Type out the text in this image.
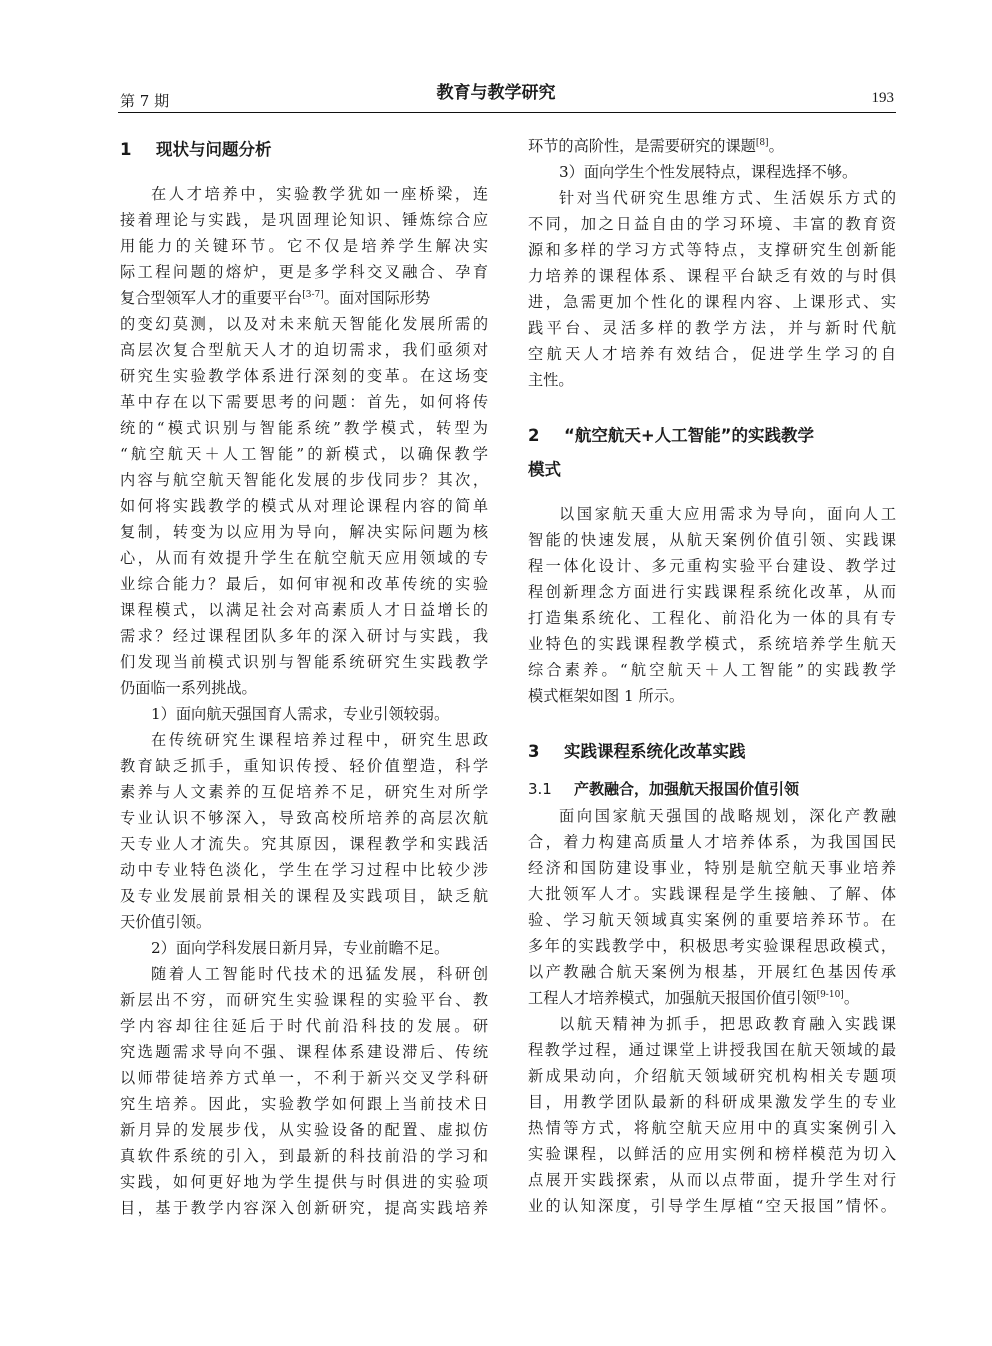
第 7 期	教育与教学研究	193
1 现状与问题分析
在人才培养中，实验教学犹如一座桥梁，连
接着理论与实践，是巩固理论知识、锤炼综合应
用能力的关键环节。它不仅是培养学生解决实
际工程问题的熔炉，更是多学科交叉融合、孕育
复合型领军人才的重要平台[3-7]。面对国际形势
的变幻莫测，以及对未来航天智能化发展所需的
高层次复合型航天人才的迫切需求，我们亟须对
研究生实验教学体系进行深刻的变革。在这场变
革中存在以下需要思考的问题：首先，如何将传
统的“模式识别与智能系统”教学模式，转型为
“航空航天＋人工智能”的新模式，以确保教学
内容与航空航天智能化发展的步伐同步？其次，
如何将实践教学的模式从对理论课程内容的简单
复制，转变为以应用为导向，解决实际问题为核
心，从而有效提升学生在航空航天应用领域的专
业综合能力？最后，如何审视和改革传统的实验
课程模式，以满足社会对高素质人才日益增长的
需求？经过课程团队多年的深入研讨与实践，我
们发现当前模式识别与智能系统研究生实践教学
仍面临一系列挑战。
1）面向航天强国育人需求，专业引领较弱。
在传统研究生课程培养过程中，研究生思政
教育缺乏抓手，重知识传授、轻价值塑造，科学
素养与人文素养的互促培养不足，研究生对所学
专业认识不够深入，导致高校所培养的高层次航
天专业人才流失。究其原因，课程教学和实践活
动中专业特色淡化，学生在学习过程中比较少涉
及专业发展前景相关的课程及实践项目，缺乏航
天价值引领。
2）面向学科发展日新月异，专业前瞻不足。
随着人工智能时代技术的迅猛发展，科研创
新层出不穷，而研究生实验课程的实验平台、教
学内容却往往延后于时代前沿科技的发展。研
究选题需求导向不强、课程体系建设滞后、传统
以师带徒培养方式单一，不利于新兴交叉学科研
究生培养。因此，实验教学如何跟上当前技术日
新月异的发展步伐，从实验设备的配置、虚拟仿
真软件系统的引入，到最新的科技前沿的学习和
实践，如何更好地为学生提供与时俱进的实验项
目，基于教学内容深入创新研究，提高实践培养
环节的高阶性，是需要研究的课题[8]。
3）面向学生个性发展特点，课程选择不够。
针对当代研究生思维方式、生活娱乐方式的
不同，加之日益自由的学习环境、丰富的教育资
源和多样的学习方式等特点，支撑研究生创新能
力培养的课程体系、课程平台缺乏有效的与时俱
进，急需更加个性化的课程内容、上课形式、实
践平台、灵活多样的教学方法，并与新时代航
空航天人才培养有效结合，促进学生学习的自
主性。
2 “航空航天+人工智能”的实践教学
模式
以国家航天重大应用需求为导向，面向人工
智能的快速发展，从航天案例价值引领、实践课
程一体化设计、多元重构实验平台建设、教学过
程创新理念方面进行实践课程系统化改革，从而
打造集系统化、工程化、前沿化为一体的具有专
业特色的实践课程教学模式，系统培养学生航天
综合素养。“航空航天＋人工智能”的实践教学
模式框架如图 1 所示。
3 实践课程系统化改革实践
3.1 产教融合，加强航天报国价值引领
面向国家航天强国的战略规划，深化产教融
合，着力构建高质量人才培养体系，为我国国民
经济和国防建设事业，特别是航空航天事业培养
大批领军人才。实践课程是学生接触、了解、体
验、学习航天领域真实案例的重要培养环节。在
多年的实践教学中，积极思考实验课程思政模式，
以产教融合航天案例为根基，开展红色基因传承
工程人才培养模式，加强航天报国价值引领[9-10]。
以航天精神为抓手，把思政教育融入实践课
程教学过程，通过课堂上讲授我国在航天领域的最
新成果动向，介绍航天领域研究机构相关专题项
目，用教学团队最新的科研成果激发学生的专业
热情等方式，将航空航天应用中的真实案例引入
实验课程，以鲜活的应用实例和榜样模范为切入
点展开实践探索，从而以点带面，提升学生对行
业的认知深度，引导学生厚植“空天报国”情怀。
